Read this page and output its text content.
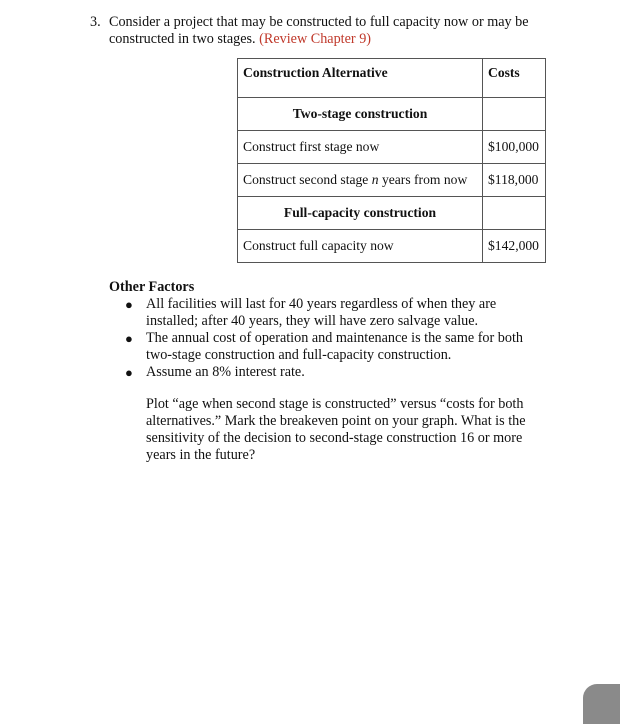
3. Consider a project that may be constructed to full capacity now or may be constructed in two stages. (Review Chapter 9)
Construction Alternative	Costs
Two-stage construction	
Construct first stage now	$100,000
Construct second stage n years from now	$118,000
Full-capacity construction	
Construct full capacity now	$142,000
Other Factors
● All facilities will last for 40 years regardless of when they are installed; after 40 years, they will have zero salvage value.
● The annual cost of operation and maintenance is the same for both two-stage construction and full-capacity construction.
● Assume an 8% interest rate.
Plot “age when second stage is constructed” versus “costs for both alternatives.” Mark the breakeven point on your graph. What is the sensitivity of the decision to second-stage construction 16 or more years in the future?
